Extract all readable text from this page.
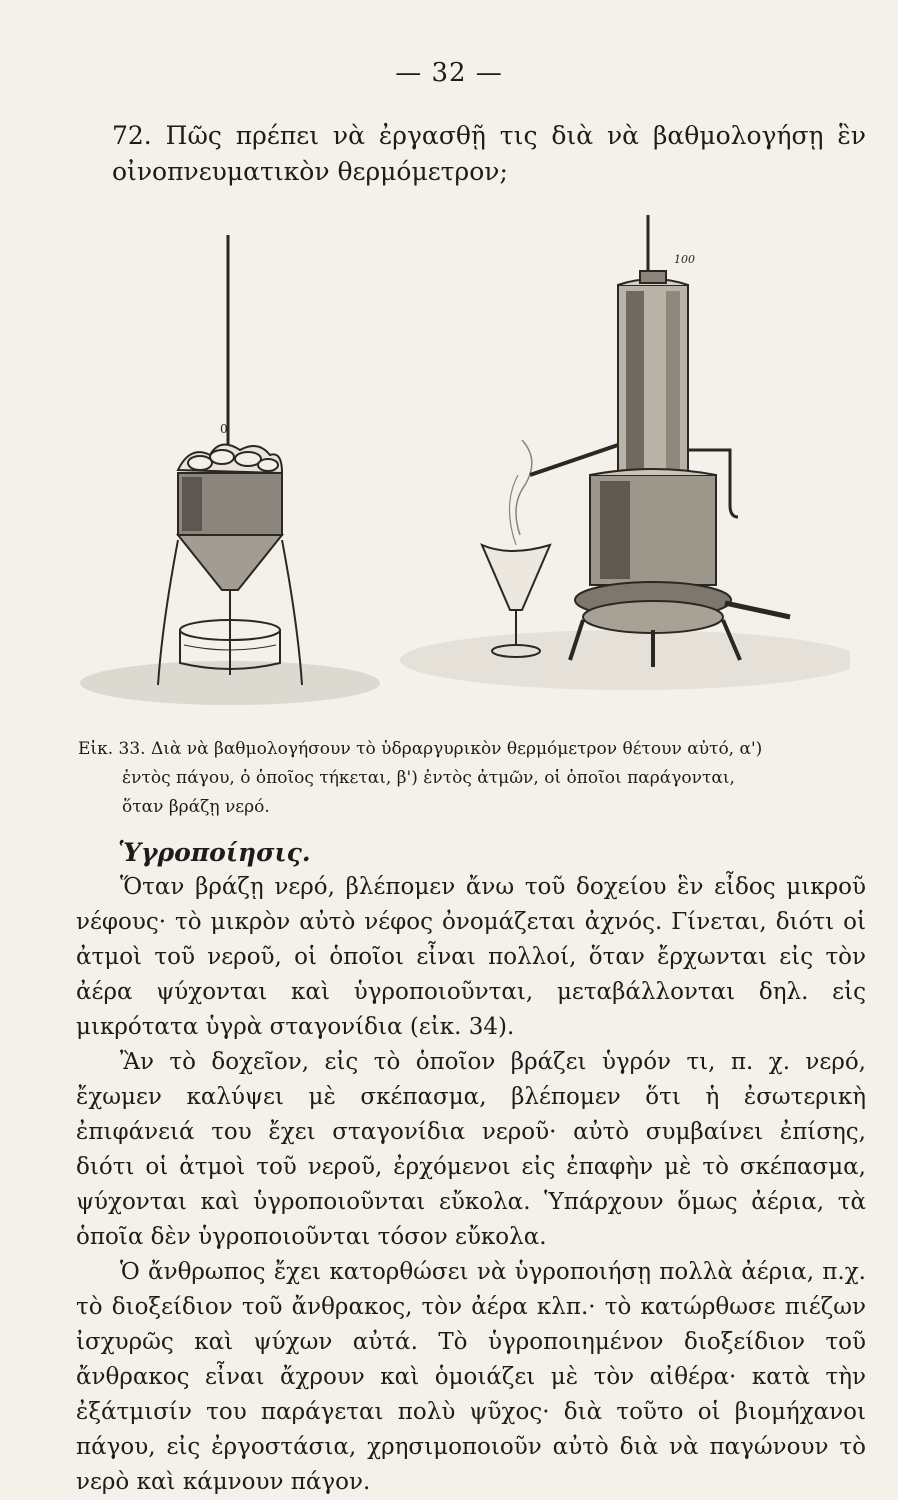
— 32 —
72. Πῶς πρέπει νὰ ἐργασθῇ τις διὰ νὰ βαθμολογήσῃ ἓν οἰνοπνευματικὸν θερμόμετρον;
0
100
Εἰκ. 33. Διὰ νὰ βαθμολογήσουν τὸ ὑδραργυρικὸν θερμόμετρον θέτουν αὐτό, α')
ἐντὸς πάγου, ὁ ὁποῖος τήκεται, β') ἐντὸς ἀτμῶν, οἱ ὁποῖοι παράγονται,
ὅταν βράζῃ νερό.
Ὑγροποίησις.

Ὅταν βράζῃ νερό, βλέπομεν ἄνω τοῦ δοχείου ἓν εἶδος μικροῦ νέφους· τὸ μικρὸν αὐτὸ νέφος ὀνομάζεται ἀχνός. Γίνεται, διότι οἱ ἀτμοὶ τοῦ νεροῦ, οἱ ὁποῖοι εἶναι πολλοί, ὅταν ἔρχωνται εἰς τὸν ἀέρα ψύχονται καὶ ὑγροποιοῦνται, μεταβάλλονται δηλ. εἰς μικρότατα ὑγρὰ σταγονίδια (εἰκ. 34).

Ἂν τὸ δοχεῖον, εἰς τὸ ὁποῖον βράζει ὑγρόν τι, π. χ. νερό, ἔχωμεν καλύψει μὲ σκέπασμα, βλέπομεν ὅτι ἡ ἐσωτερικὴ ἐπιφάνειά του ἔχει σταγονίδια νεροῦ· αὐτὸ συμβαίνει ἐπίσης, διότι οἱ ἀτμοὶ τοῦ νεροῦ, ἐρχόμενοι εἰς ἐπαφὴν μὲ τὸ σκέπασμα, ψύχονται καὶ ὑγροποιοῦνται εὔκολα. Ὑπάρχουν ὅμως ἀέρια, τὰ ὁποῖα δὲν ὑγροποιοῦνται τόσον εὔκολα.

Ὁ ἄνθρωπος ἔχει κατορθώσει νὰ ὑγροποιήσῃ πολλὰ ἀέρια, π.χ. τὸ διοξείδιον τοῦ ἄνθρακος, τὸν ἀέρα κλπ.· τὸ κατώρθωσε πιέζων ἰσχυρῶς καὶ ψύχων αὐτά. Τὸ ὑγροποιημένον διοξείδιον τοῦ ἄνθρακος εἶναι ἄχρουν καὶ ὁμοιάζει μὲ τὸν αἰθέρα· κατὰ τὴν ἐξάτμισίν του παράγεται πολὺ ψῦχος· διὰ τοῦτο οἱ βιομήχανοι πάγου, εἰς ἐργοστάσια, χρησιμοποιοῦν αὐτὸ διὰ νὰ παγώνουν τὸ νερὸ καὶ κάμνουν πάγον.
